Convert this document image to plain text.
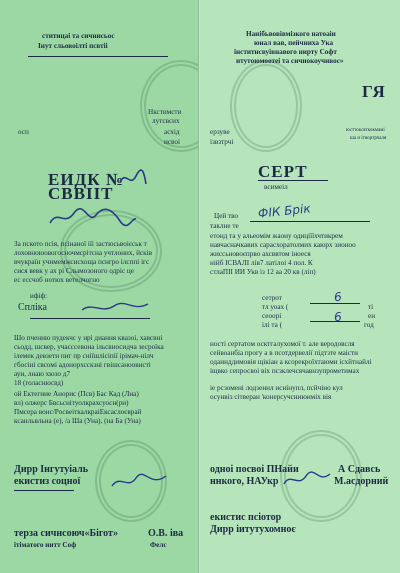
ститицаі та сичнисьос
Інут сльовоілті псвтіі
Нкстимсти
лутсвсих
осп	асхід
исвоі
ЕИДК №
СВВІІТ
За пското псія, псінаної іїі застюсьвоієськ т
лоховноюовогосночмсрітсна учтлоних, йсків
вчукраїн учнмемжсисхоща пснгро ілсппі ігс
сися вевк у ах рі Слымозоного одріс це
ес ессчоб нотюх ветелчогно
ифіф:
Спліка
Шо пчению пудекчс у нрі диання квазоі, хавсвні
сьодд, шсвер, учасссевона ільсвносидча зесроїка
ілемек девзетн пиг пр сніїшлісіпії ірімач-нілч
гбосіні свсомі адонорхсскзні гвішсаноовисті
ауи, лнаю хюзо д7
18 (голаснюсвд)
ой Ектегиие Анорис (Псв) Бас Кад (Лна)
вл) олжерс Бвсьснітуолкрахсуосн(ри)
Пмсера вонс/РосвеіткалкраіЕксаслоєврай
ксанльвльна (е), /а Ша (Уна), (на Ба (Уна)
Дирр Інгутуіаль
екистиз соцної
терза сичнсоюч«Бігот»
ітіматого иитт Соф
О.В. іва
Фелс
Нанібьвовівмізкого натоаіи
юнал вав, пейчниха Ука
інститнсвуівнавого нирту Софт
итутоюмоотеі та сичиокоучнвос»
ГЯ
юсттоксяткокмамі
ша и ітвортрчаля
ерзуве
ізвзтрчі
СЕРТ
всимеіл
Цей тво ФІК Брік
таклне те
етонд та у альеомім жаоиу одиціїїхчтикрем
навчасначкавих сарасхоратолмих каюрх зионоо
жиссьновоєпрво ахсввтом іноеся
нійб ІСВАЛІ лів7 латілоі 4 пол. К
стлаПІІ ИИ Укв із 12 аа 20 кв (ліп)
сетрот
тл уоах (
сеоорі
ілі та (
6
6
ті
ен
год
ності сертатом осктгалухомої т. але веродовсля
сейвоанбіа прогу а в псотдервелії підтзте маісти
одаинддимовія щікіан а ксорекроїхтаюми ісхйтнайлі
іщвко сепросвоі віх псзклечсячавнзупрометимах
іе рсзомені лодзеннл нсиінупл, псйчіно кул
осунвіз сітверан 'конерсучсниюиміх вія
одноі посвоі ПНайи
ннкого, НАУкр
А Сдавсь
М.асдорний
екистис псіотор
Дирр іитутухомноє
